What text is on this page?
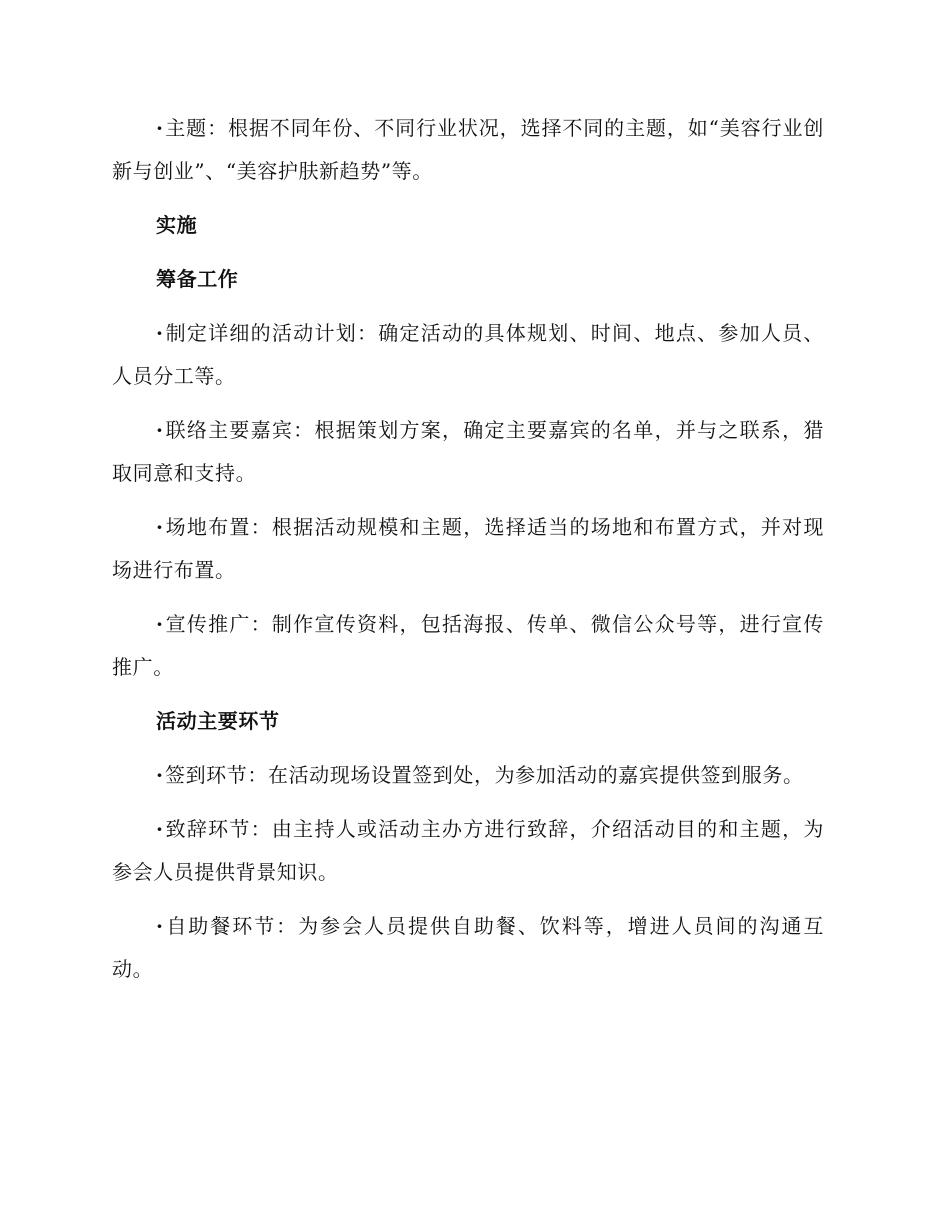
· 主题：根据不同年份、不同行业状况，选择不同的主题，如“美容行业创新与创业”、“美容护肤新趋势”等。

实施
筹备工作

· 制定详细的活动计划：确定活动的具体规划、时间、地点、参加人员、人员分工等。

· 联络主要嘉宾：根据策划方案，确定主要嘉宾的名单，并与之联系，猎取同意和支持。

· 场地布置：根据活动规模和主题，选择适当的场地和布置方式，并对现场进行布置。

· 宣传推广：制作宣传资料，包括海报、传单、微信公众号等，进行宣传推广。

活动主要环节

· 签到环节：在活动现场设置签到处，为参加活动的嘉宾提供签到服务。

· 致辞环节：由主持人或活动主办方进行致辞，介绍活动目的和主题，为参会人员提供背景知识。

· 自助餐环节：为参会人员提供自助餐、饮料等，增进人员间的沟通互动。
